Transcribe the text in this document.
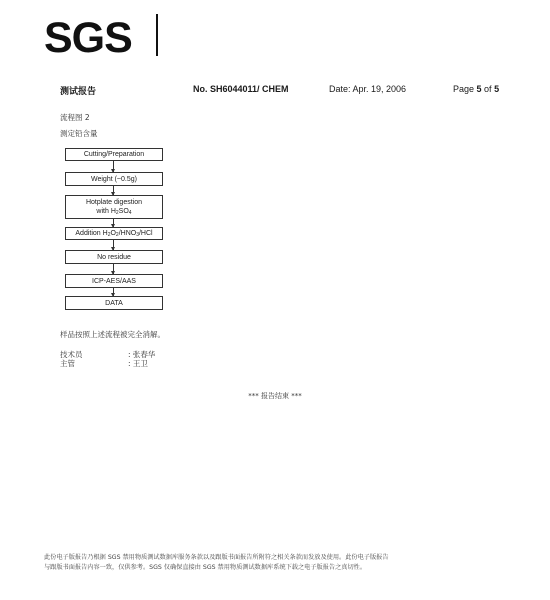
SGS
测试报告	No. SH6044011/ CHEM	Date: Apr. 19, 2006	Page 5 of 5
流程图 2
测定铅含量
Cutting/Preparation
Weight (~0.5g)
Hotplate digestion
with $H_2SO_4$
Addition $H_2O_2/HNO_3$/HCl
No residue
ICP-AES/AAS
DATA
样品按照上述流程被完全消解。
技术员	: 张春华
主管	: 王卫
*** 报告结束 ***
此份电子版报告乃根据 SGS 禁用物质测试数据库服务条款以及跟版书面报告所附符之相关条款而发放及使用。此份电子版报告
与跟版书面报告内容一致，仅供参考。SGS 仅确保直接由 SGS 禁用物质测试数据库系统下载之电子版报告之真切性。
